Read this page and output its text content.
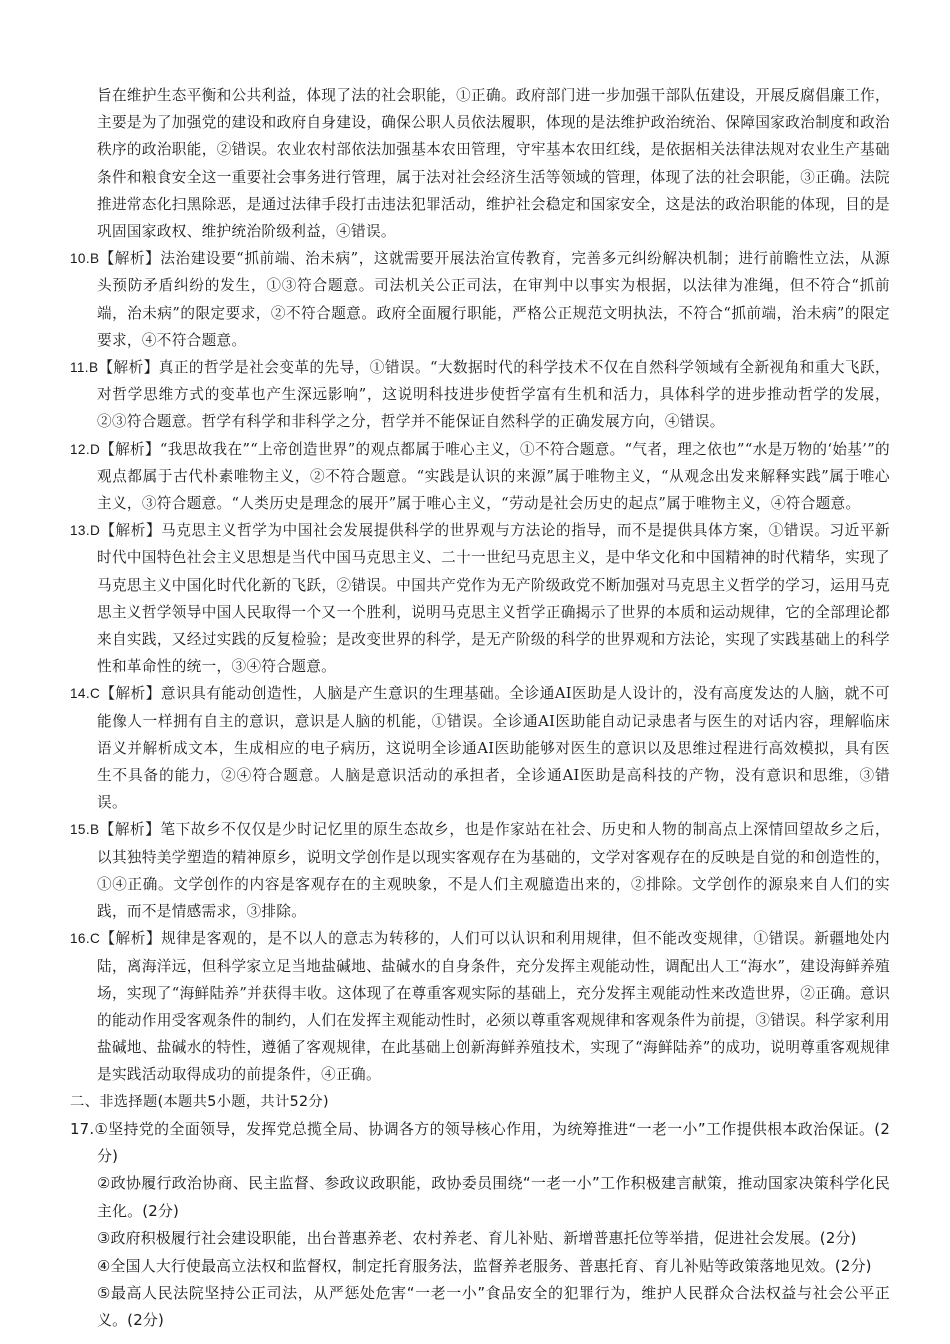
旨在维护生态平衡和公共利益，体现了法的社会职能，①正确。政府部门进一步加强干部队伍建设，开展反腐倡廉工作，主要是为了加强党的建设和政府自身建设，确保公职人员依法履职，体现的是法维护政治统治、保障国家政治制度和政治秩序的政治职能，②错误。农业农村部依法加强基本农田管理，守牢基本农田红线，是依据相关法律法规对农业生产基础条件和粮食安全这一重要社会事务进行管理，属于法对社会经济生活等领域的管理，体现了法的社会职能，③正确。法院推进常态化扫黑除恶，是通过法律手段打击违法犯罪活动，维护社会稳定和国家安全，这是法的政治职能的体现，目的是巩固国家政权、维护统治阶级利益，④错误。

10.B【解析】法治建设要“抓前端、治未病”，这就需要开展法治宣传教育，完善多元纠纷解决机制；进行前瞻性立法，从源头预防矛盾纠纷的发生，①③符合题意。司法机关公正司法，在审判中以事实为根据，以法律为准绳，但不符合“抓前端，治未病”的限定要求，②不符合题意。政府全面履行职能，严格公正规范文明执法，不符合“抓前端，治未病”的限定要求，④不符合题意。

11.B【解析】真正的哲学是社会变革的先导，①错误。“大数据时代的科学技术不仅在自然科学领域有全新视角和重大飞跃，对哲学思维方式的变革也产生深远影响”，这说明科技进步使哲学富有生机和活力，具体科学的进步推动哲学的发展，②③符合题意。哲学有科学和非科学之分，哲学并不能保证自然科学的正确发展方向，④错误。

12.D【解析】“我思故我在”“上帝创造世界”的观点都属于唯心主义，①不符合题意。“气者，理之依也”“水是万物的‘始基’”的观点都属于古代朴素唯物主义，②不符合题意。“实践是认识的来源”属于唯物主义，“从观念出发来解释实践”属于唯心主义，③符合题意。“人类历史是理念的展开”属于唯心主义，“劳动是社会历史的起点”属于唯物主义，④符合题意。

13.D【解析】马克思主义哲学为中国社会发展提供科学的世界观与方法论的指导，而不是提供具体方案，①错误。习近平新时代中国特色社会主义思想是当代中国马克思主义、二十一世纪马克思主义，是中华文化和中国精神的时代精华，实现了马克思主义中国化时代化新的飞跃，②错误。中国共产党作为无产阶级政党不断加强对马克思主义哲学的学习，运用马克思主义哲学领导中国人民取得一个又一个胜利，说明马克思主义哲学正确揭示了世界的本质和运动规律，它的全部理论都来自实践，又经过实践的反复检验；是改变世界的科学，是无产阶级的科学的世界观和方法论，实现了实践基础上的科学性和革命性的统一，③④符合题意。

14.C【解析】意识具有能动创造性，人脑是产生意识的生理基础。全诊通AI医助是人设计的，没有高度发达的人脑，就不可能像人一样拥有自主的意识，意识是人脑的机能，①错误。全诊通AI医助能自动记录患者与医生的对话内容，理解临床语义并解析成文本，生成相应的电子病历，这说明全诊通AI医助能够对医生的意识以及思维过程进行高效模拟，具有医生不具备的能力，②④符合题意。人脑是意识活动的承担者，全诊通AI医助是高科技的产物，没有意识和思维，③错误。

15.B【解析】笔下故乡不仅仅是少时记忆里的原生态故乡，也是作家站在社会、历史和人物的制高点上深情回望故乡之后，以其独特美学塑造的精神原乡，说明文学创作是以现实客观存在为基础的，文学对客观存在的反映是自觉的和创造性的，①④正确。文学创作的内容是客观存在的主观映象，不是人们主观臆造出来的，②排除。文学创作的源泉来自人们的实践，而不是情感需求，③排除。

16.C【解析】规律是客观的，是不以人的意志为转移的，人们可以认识和利用规律，但不能改变规律，①错误。新疆地处内陆，离海洋远，但科学家立足当地盐碱地、盐碱水的自身条件，充分发挥主观能动性，调配出人工“海水”，建设海鲜养殖场，实现了“海鲜陆养”并获得丰收。这体现了在尊重客观实际的基础上，充分发挥主观能动性来改造世界，②正确。意识的能动作用受客观条件的制约，人们在发挥主观能动性时，必须以尊重客观规律和客观条件为前提，③错误。科学家利用盐碱地、盐碱水的特性，遵循了客观规律，在此基础上创新海鲜养殖技术，实现了“海鲜陆养”的成功，说明尊重客观规律是实践活动取得成功的前提条件，④正确。

二、非选择题(本题共5小题，共计52分)

17.①坚持党的全面领导，发挥党总揽全局、协调各方的领导核心作用，为统筹推进“一老一小”工作提供根本政治保证。(2分)

②政协履行政治协商、民主监督、参政议政职能，政协委员围绕“一老一小”工作积极建言献策，推动国家决策科学化民主化。(2分)

③政府积极履行社会建设职能，出台普惠养老、农村养老、育儿补贴、新增普惠托位等举措，促进社会发展。(2分)

④全国人大行使最高立法权和监督权，制定托育服务法，监督养老服务、普惠托育、育儿补贴等政策落地见效。(2分)

⑤最高人民法院坚持公正司法，从严惩处危害“一老一小”食品安全的犯罪行为，维护人民群众合法权益与社会公平正义。(2分)
